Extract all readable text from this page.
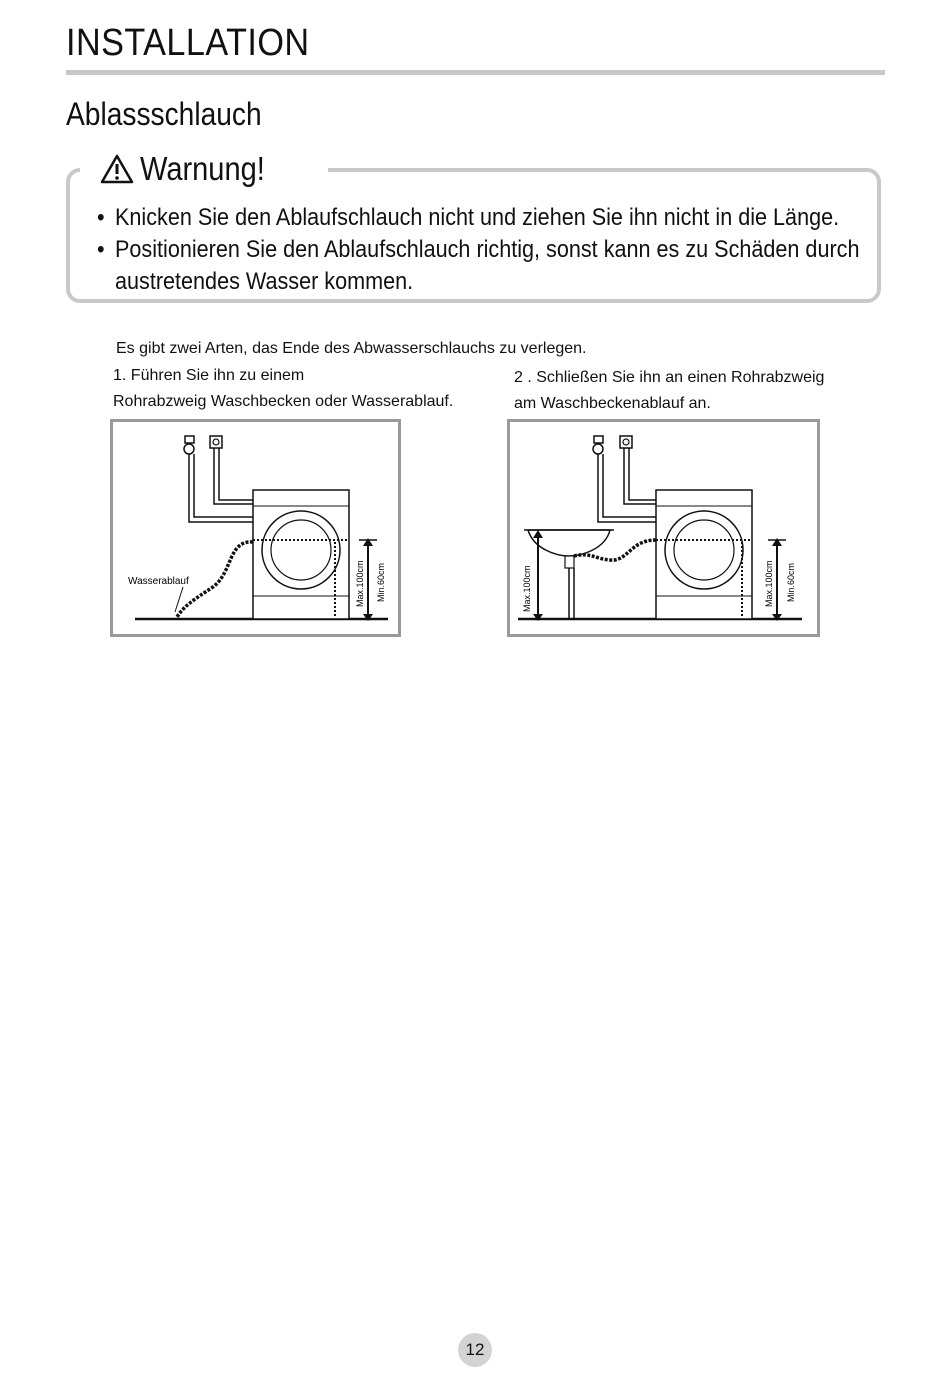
INSTALLATION
Ablassschlauch
Warnung!
• Knicken Sie den Ablaufschlauch nicht und ziehen Sie ihn nicht in die Länge.
• Positionieren Sie den Ablaufschlauch richtig, sonst kann es zu Schäden durch
austretendes Wasser kommen.
Es gibt zwei Arten, das Ende des Abwasserschlauchs zu verlegen.
1. Führen Sie ihn zu einem
Rohrabzweig Waschbecken oder Wasserablauf.
2 . Schließen Sie ihn an einen Rohrabzweig
am Waschbeckenablauf an.
Max.100cm Min.60cm
Wasserablauf	Max.100cm	Max.100cm Min.60cm
12
